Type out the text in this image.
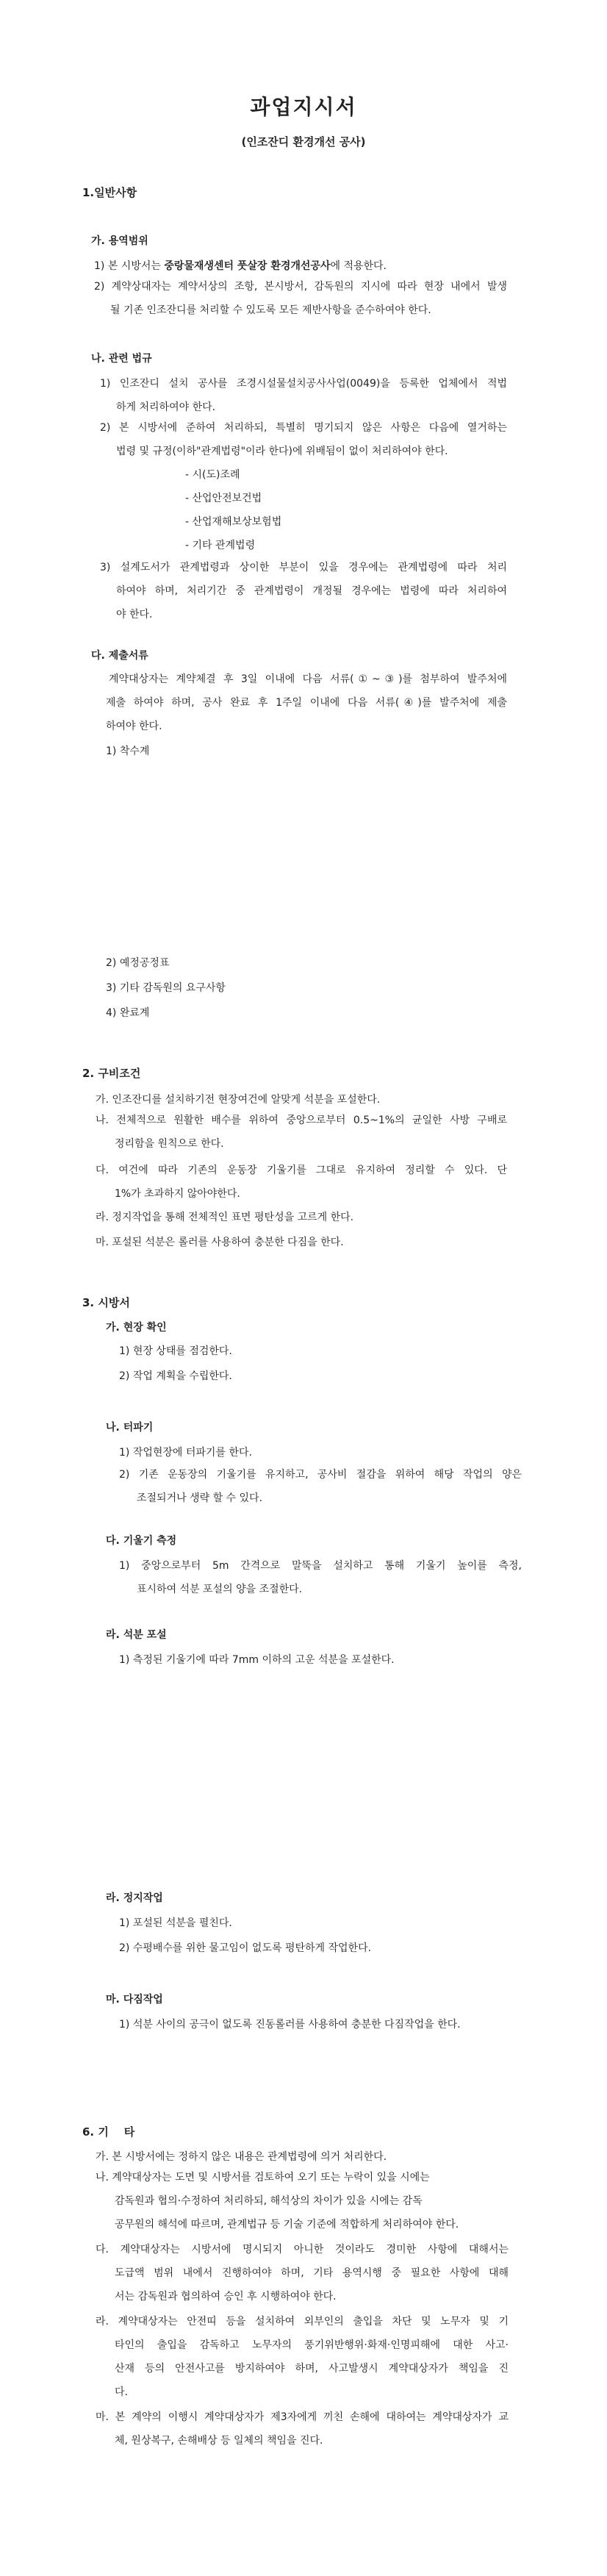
과업지시서
(인조잔디 환경개선 공사)
1.일반사항
가. 용역범위
1) 본 시방서는 중랑물재생센터 풋살장 환경개선공사에 적용한다.
2) 계약상대자는 계약서상의 조항, 본시방서, 감독원의 지시에 따라 현장 내에서 발생
될 기존 인조잔디를 처리할 수 있도록 모든 제반사항을 준수하여야 한다.
나. 관련 법규
1) 인조잔디 설치 공사를 조경시설물설치공사사업(0049)을 등록한 업체에서 적법
하게 처리하여야 한다.
2) 본 시방서에 준하여 처리하되, 특별히 명기되지 않은 사항은 다음에 열거하는
법령 및 규정(이하"관계법령"이라 한다)에 위배됨이 없이 처리하여야 한다.
- 시(도)조례
- 산업안전보건법
- 산업재해보상보험법
- 기타 관계법령
3) 설계도서가 관계법령과 상이한 부분이 있을 경우에는 관계법령에 따라 처리
하여야 하며, 처리기간 중 관계법령이 개정될 경우에는 법령에 따라 처리하여
야 한다.
다. 제출서류
계약대상자는 계약체결 후 3일 이내에 다음 서류(①~③)를 첨부하여 발주처에
제출 하여야 하며, 공사 완료 후 1주일 이내에 다음 서류(④)를 발주처에 제출
하여야 한다.
1) 착수계
2) 예정공정표
3) 기타 감독원의 요구사항
4) 완료계
2. 구비조건
가. 인조잔디를 설치하기전 현장여건에 알맞게 석분을 포설한다.
나. 전체적으로 원활한 배수를 위하여 중앙으로부터 0.5~1%의 균일한 사방 구배로
정리함을 원칙으로 한다.
다. 여건에 따라 기존의 운동장 기울기를 그대로 유지하여 정리할 수 있다. 단
1%가 초과하지 않아야한다.
라. 정지작업을 통해 전체적인 표면 평탄성을 고르게 한다.
마. 포설된 석분은 롤러를 사용하여 충분한 다짐을 한다.
3. 시방서
가. 현장 확인
1) 현장 상태를 점검한다.
2) 작업 계획을 수립한다.
나. 터파기
1) 작업현장에 터파기를 한다.
2) 기존 운동장의 기울기를 유지하고, 공사비 절감을 위하여 해당 작업의 양은
조절되거나 생략 할 수 있다.
다. 기울기 측정
1) 중앙으로부터 5m 간격으로 말뚝을 설치하고 통해 기울기 높이를 측정,
표시하여 석분 포설의 양을 조절한다.
라. 석분 포설
1) 측정된 기울기에 따라 7mm 이하의 고운 석분을 포설한다.
라. 정지작업
1) 포설된 석분을 펼친다.
2) 수평배수를 위한 물고임이 없도록 평탄하게 작업한다.
마. 다짐작업
1) 석분 사이의 공극이 없도록 진동롤러를 사용하여 충분한 다짐작업을 한다.
6. 기    타
가. 본 시방서에는 정하지 않은 내용은 관계법령에 의거 처리한다.
나. 계약대상자는 도면 및 시방서를 검토하여 오기 또는 누락이 있을 시에는
감독원과 협의·수정하여 처리하되, 해석상의 차이가 있을 시에는 감독
공무원의 해석에 따르며, 관계법규 등 기술 기준에 적합하게 처리하여야 한다.
다. 계약대상자는 시방서에 명시되지 아니한 것이라도 경미한 사항에 대해서는
도급액 범위 내에서 진행하여야 하며, 기타 용역시행 중 필요한 사항에 대해
서는 감독원과 협의하여 승인 후 시행하여야 한다.
라. 계약대상자는 안전띠 등을 설치하여 외부인의 출입을 차단 및 노무자 및 기
타인의 출입을 감독하고 노무자의 풍기위반행위·화재·인명피해에 대한 사고·
산재 등의 안전사고를 방지하여야 하며, 사고발생시 계약대상자가 책임을 진
다.
마. 본 계약의 이행시 계약대상자가 제3자에게 끼친 손해에 대하여는 계약대상자가 교
체, 원상복구, 손해배상 등 일체의 책임을 진다.
